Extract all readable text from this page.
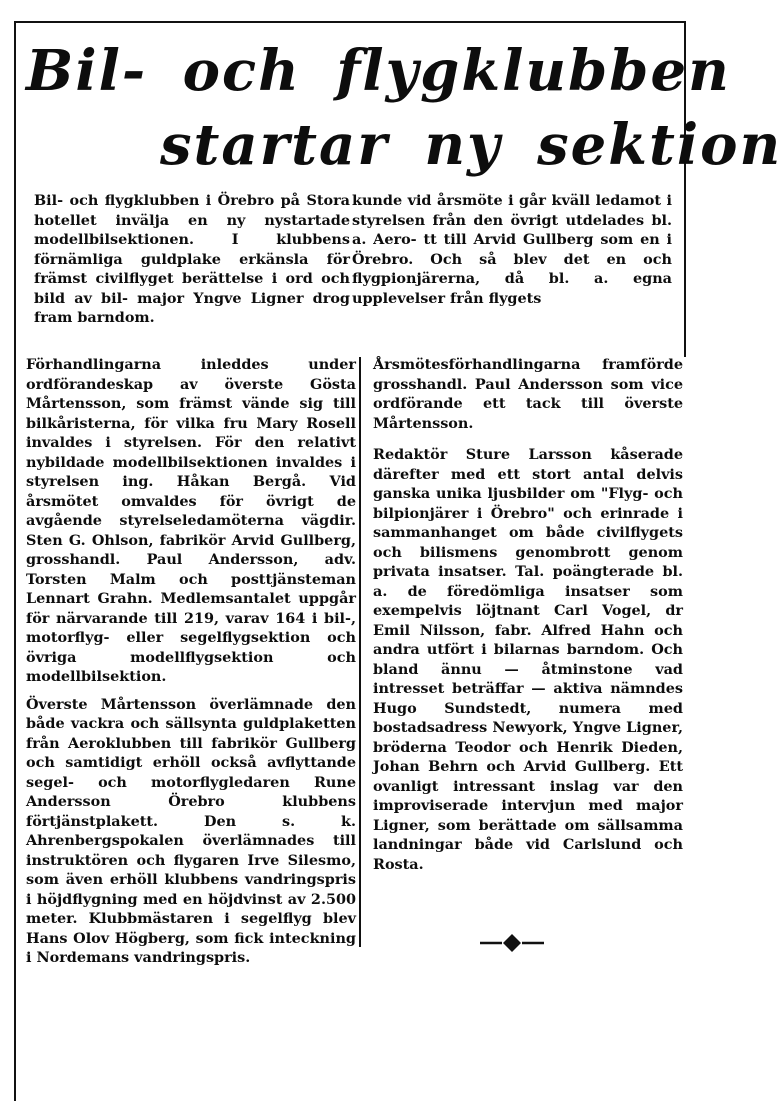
Bil- och flygklubben
startar ny sektion

Bil- och flygklubben i Örebro på Stora hotellet invälja en ny nystartade modellbilsektionen. I klubbens förnämliga guldplake erkänsla för främst civilflyget berättelse i ord och bild av bil- major Yngve Ligner drog fram barndom.

kunde vid årsmöte i går kväll ledamot i styrelsen från den övrigt utdelades bl. a. Aero- tt till Arvid Gullberg som en i Örebro. Och så blev det en och flygpionjärerna, då bl. a. egna upplevelser från flygets

Förhandlingarna inleddes under ordförandeskap av överste Gösta Mårtensson, som främst vände sig till bilkåristerna, för vilka fru Mary Rosell invaldes i styrelsen. För den relativt nybildade modellbilsektionen invaldes i styrelsen ing. Håkan Bergå. Vid årsmötet omvaldes för övrigt de avgående styrelseledamöterna vägdir. Sten G. Ohlson, fabrikör Arvid Gullberg, grosshandl. Paul Andersson, adv. Torsten Malm och posttjänsteman Lennart Grahn. Medlemsantalet uppgår för närvarande till 219, varav 164 i bil-, motorflyg- eller segelflygsektion och övriga modellflygsektion och modellbilsektion.

Överste Mårtensson överlämnade den både vackra och sällsynta guldplaketten från Aeroklubben till fabrikör Gullberg och samtidigt erhöll också avflyttande segel- och motorflygledaren Rune Andersson Örebro klubbens förtjänstplakett. Den s. k. Ahrenbergspokalen överlämnades till instruktören och flygaren Irve Silesmo, som även erhöll klubbens vandringspris i höjdflygning med en höjdvinst av 2.500 meter. Klubbmästaren i segelflyg blev Hans Olov Högberg, som fick inteckning i Nordemans vandringspris.

Årsmötesförhandlingarna framförde grosshandl. Paul Andersson som vice ordförande ett tack till överste Mårtensson.

Redaktör Sture Larsson kåserade därefter med ett stort antal delvis ganska unika ljusbilder om "Flyg- och bilpionjärer i Örebro" och erinrade i sammanhanget om både civilflygets och bilismens genombrott genom privata insatser. Tal. poängterade bl. a. de föredömliga insatser som exempelvis löjtnant Carl Vogel, dr Emil Nilsson, fabr. Alfred Hahn och andra utfört i bilarnas barndom. Och bland ännu — åtminstone vad intresset beträffar — aktiva nämndes Hugo Sundstedt, numera med bostadsadress Newyork, Yngve Ligner, bröderna Teodor och Henrik Dieden, Johan Behrn och Arvid Gullberg. Ett ovanligt intressant inslag var den improviserade intervjun med major Ligner, som berättade om sällsamma landningar både vid Carlslund och Rosta.
